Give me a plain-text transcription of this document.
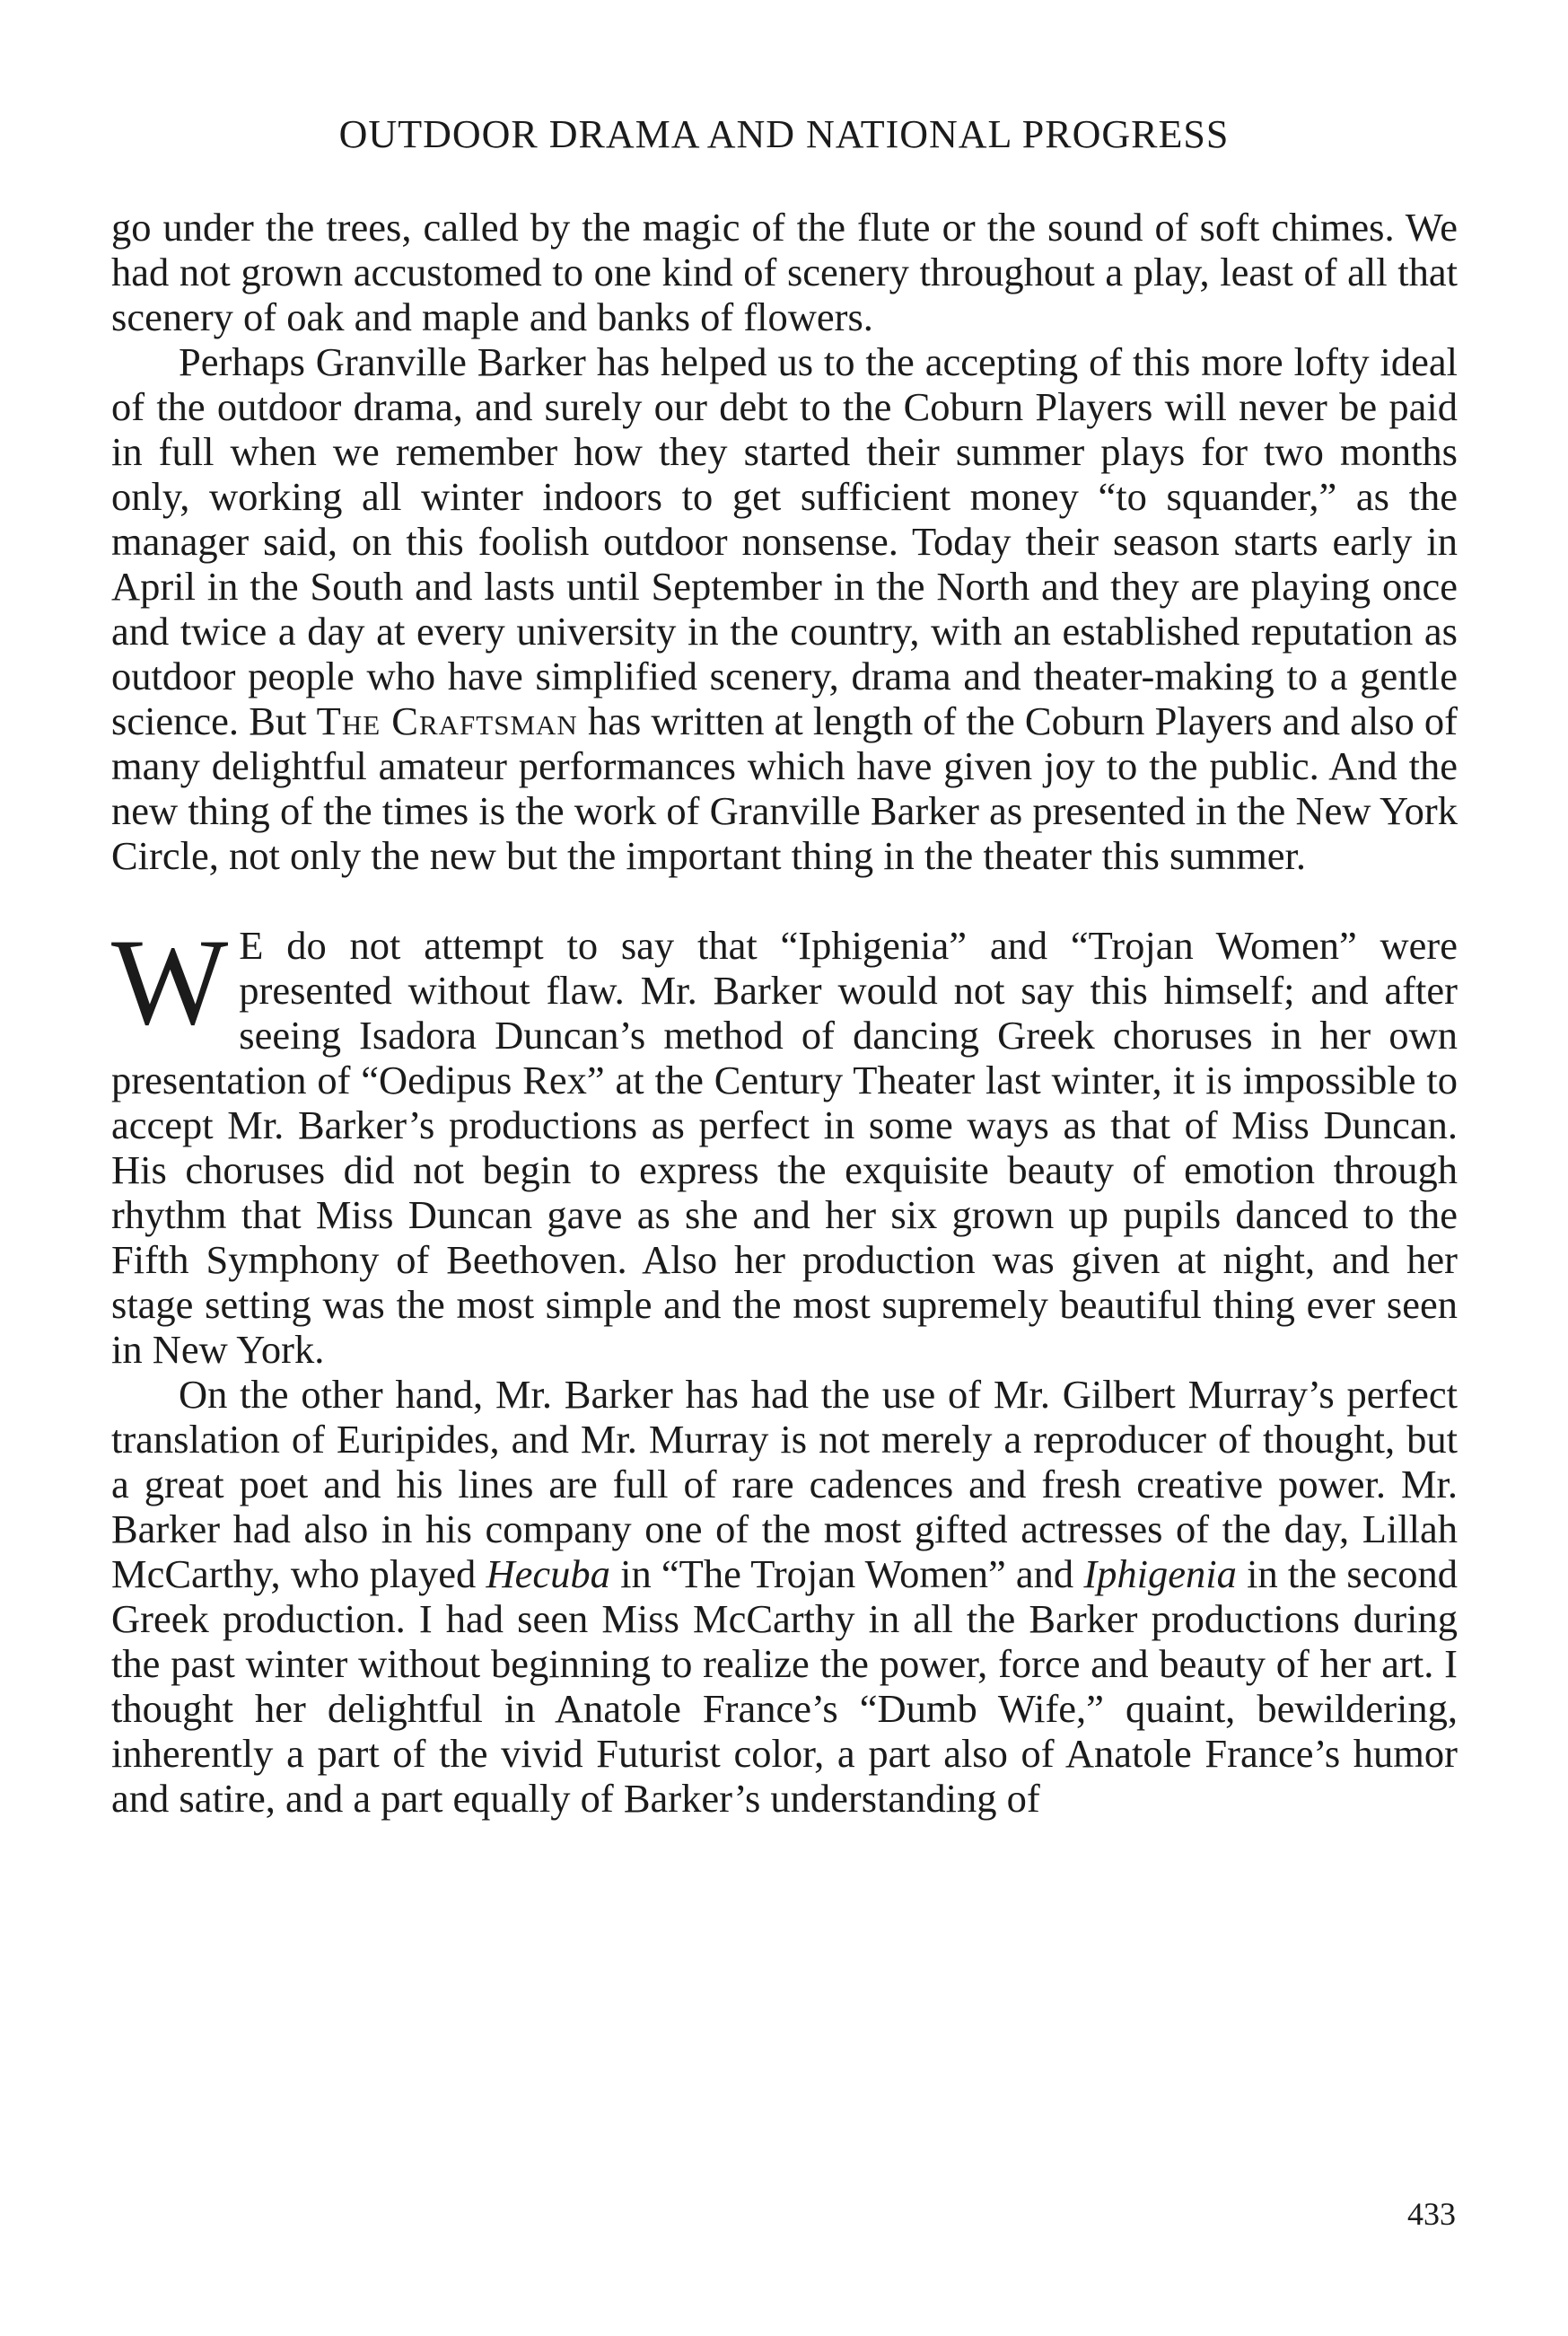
OUTDOOR DRAMA AND NATIONAL PROGRESS

go under the trees, called by the magic of the flute or the sound of soft chimes. We had not grown accustomed to one kind of scenery throughout a play, least of all that scenery of oak and maple and banks of flowers.

Perhaps Granville Barker has helped us to the accepting of this more lofty ideal of the outdoor drama, and surely our debt to the Coburn Players will never be paid in full when we remember how they started their summer plays for two months only, working all winter indoors to get sufficient money “to squander,” as the manager said, on this foolish outdoor nonsense. Today their season starts early in April in the South and lasts until September in the North and they are playing once and twice a day at every university in the country, with an established reputation as outdoor people who have simplified scenery, drama and theater-making to a gentle science. But The Craftsman has written at length of the Coburn Players and also of many delightful amateur performances which have given joy to the public. And the new thing of the times is the work of Granville Barker as presented in the New York Circle, not only the new but the important thing in the theater this summer.

W E do not attempt to say that “Iphigenia” and “Trojan Women” were presented without flaw. Mr. Barker would not say this himself; and after seeing Isadora Duncan’s method of dancing Greek choruses in her own presentation of “Oedipus Rex” at the Century Theater last winter, it is impossible to accept Mr. Barker’s productions as perfect in some ways as that of Miss Duncan. His choruses did not begin to express the exquisite beauty of emotion through rhythm that Miss Duncan gave as she and her six grown up pupils danced to the Fifth Symphony of Beethoven. Also her production was given at night, and her stage setting was the most simple and the most supremely beautiful thing ever seen in New York.

On the other hand, Mr. Barker has had the use of Mr. Gilbert Murray’s perfect translation of Euripides, and Mr. Murray is not merely a reproducer of thought, but a great poet and his lines are full of rare cadences and fresh creative power. Mr. Barker had also in his company one of the most gifted actresses of the day, Lillah McCarthy, who played Hecuba in “The Trojan Women” and Iphigenia in the second Greek production. I had seen Miss McCarthy in all the Barker productions during the past winter without beginning to realize the power, force and beauty of her art. I thought her delightful in Anatole France’s “Dumb Wife,” quaint, bewildering, inherently a part of the vivid Futurist color, a part also of Anatole France’s humor and satire, and a part equally of Barker’s understanding of

433
